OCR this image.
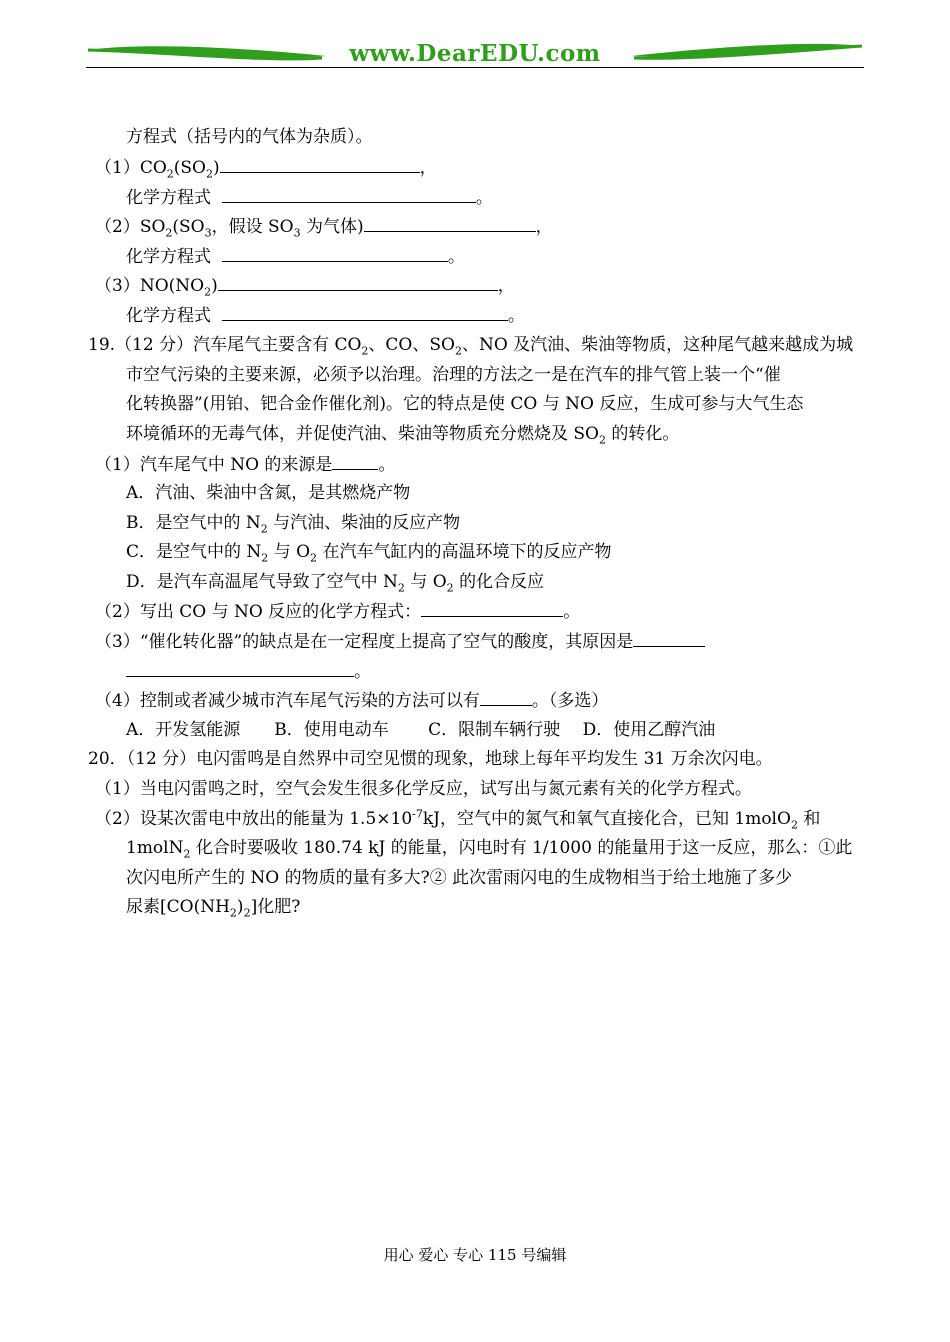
www.DearEDU.com
方程式（括号内的气体为杂质）。
$(1)CO_2(SO_2)$	，
化学方程式	。
$(2)SO_2(SO_3$，假设 $SO_3$ 为气体)	，
化学方程式	。
$(3)NO(NO_2)$	，
化学方程式	。
19.（12 分）汽车尾气主要含有 $CO_2$、CO、$SO_2$、NO 及汽油、柴油等物质，这种尾气越来越成为城
市空气污染的主要来源，必须予以治理。治理的方法之一是在汽车的排气管上装一个“催
化转换器”(用铂、钯合金作催化剂)。它的特点是使 CO 与 NO 反应，生成可参与大气生态
环境循环的无毒气体，并促使汽油、柴油等物质充分燃烧及 $SO_2$ 的转化。
（1）汽车尾气中 NO 的来源是	。
A．汽油、柴油中含氮，是其燃烧产物
B．是空气中的 $N_2$ 与汽油、柴油的反应产物
C．是空气中的 $N_2$ 与 $O_2$ 在汽车气缸内的高温环境下的反应产物
D．是汽车高温尾气导致了空气中 $N_2$ 与 $O_2$ 的化合反应
（2）写出 CO 与 NO 反应的化学方程式：	。
（3）“催化转化器”的缺点是在一定程度上提高了空气的酸度，其原因是
。
（4）控制或者减少城市汽车尾气污染的方法可以有	。（多选）
A．开发氢能源　　B．使用电动车　　 C．限制车辆行驶　 D．使用乙醇汽油
20．（12 分）电闪雷鸣是自然界中司空见惯的现象，地球上每年平均发生 31 万余次闪电。
（1）当电闪雷鸣之时，空气会发生很多化学反应，试写出与氮元素有关的化学方程式。
（2）设某次雷电中放出的能量为 $1.5\times 10^{-7}kJ$，空气中的氮气和氧气直接化合，已知 1molO$_2$ 和
1molN$_2$ 化合时要吸收 180.74 kJ 的能量，闪电时有 1/1000 的能量用于这一反应，那么：①此
次闪电所产生的 NO 的物质的量有多大?② 此次雷雨闪电的生成物相当于给土地施了多少
尿素$[CO(NH_2)_2]$化肥?
用心 爱心 专心 115 号编辑
